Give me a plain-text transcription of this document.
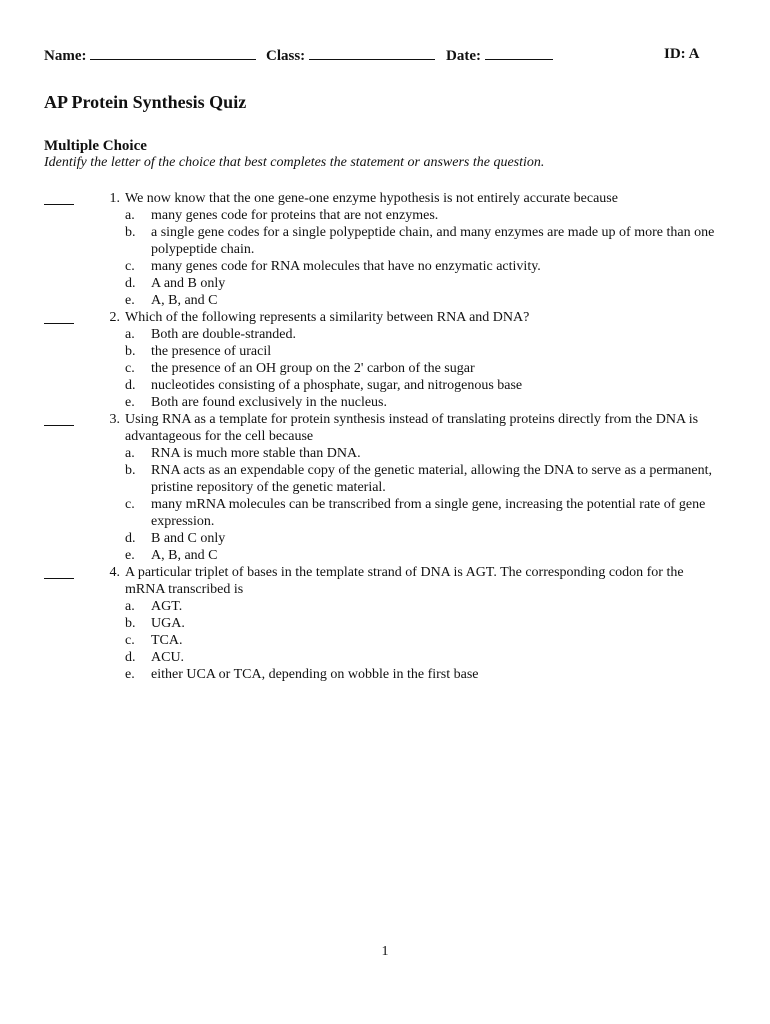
Name:	Class:	Date:	ID: A
AP Protein Synthesis Quiz
Multiple Choice
Identify the letter of the choice that best completes the statement or answers the question.
1. We now know that the one gene-one enzyme hypothesis is not entirely accurate because
a.	many genes code for proteins that are not enzymes.
b.	a single gene codes for a single polypeptide chain, and many enzymes are made up of more than one polypeptide chain.
c.	many genes code for RNA molecules that have no enzymatic activity.
d.	A and B only
e.	A, B, and C
2. Which of the following represents a similarity between RNA and DNA?
a.	Both are double-stranded.
b.	the presence of uracil
c.	the presence of an OH group on the 2' carbon of the sugar
d.	nucleotides consisting of a phosphate, sugar, and nitrogenous base
e.	Both are found exclusively in the nucleus.
3. Using RNA as a template for protein synthesis instead of translating proteins directly from the DNA is advantageous for the cell because
a.	RNA is much more stable than DNA.
b.	RNA acts as an expendable copy of the genetic material, allowing the DNA to serve as a permanent, pristine repository of the genetic material.
c.	many mRNA molecules can be transcribed from a single gene, increasing the potential rate of gene expression.
d.	B and C only
e.	A, B, and C
4. A particular triplet of bases in the template strand of DNA is AGT. The corresponding codon for the mRNA transcribed is
a.	AGT.
b.	UGA.
c.	TCA.
d.	ACU.
e.	either UCA or TCA, depending on wobble in the first base
1
